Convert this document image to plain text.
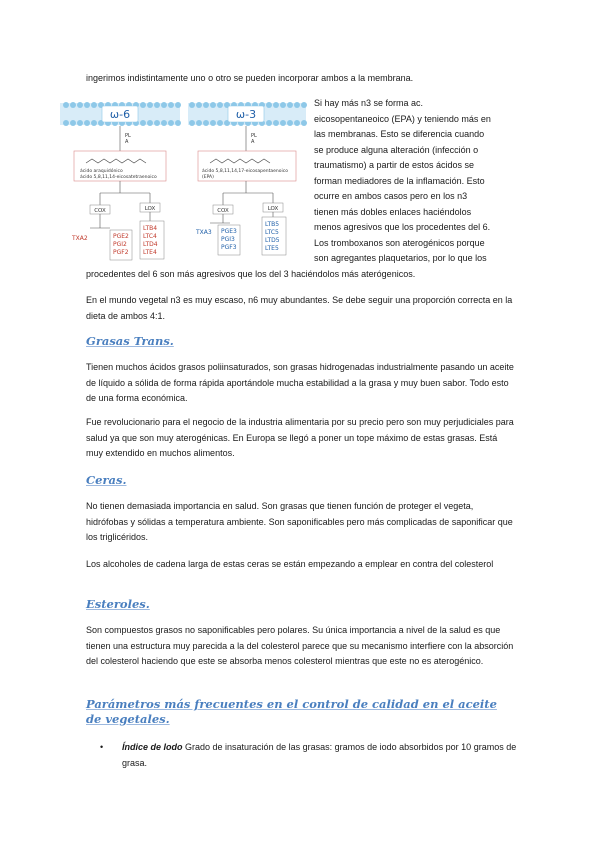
ingerimos indistintamente uno o otro se pueden incorporar ambos a la membrana.

ω-6
PL
A
ácido araquidónico
ácido 5,8,11,14-eicosatetraenoico
COX	LOX
TXA2	PGE2
PGI2
PGF2
LTB4
LTC4
LTD4
LTE4
ω-3
PL
A
ácido 5,8,11,14,17-eicosapentaenoico
(EPA)
COX	LOX
TXA3 PGE3
PGI3
PGF3
LTB5
LTC5
LTD5
LTE5
Si hay más n3 se forma ac.
eicosopentaneoico (EPA) y teniendo más en
las membranas. Esto se diferencia cuando
se produce alguna alteración (infección o
traumatismo) a partir de estos ácidos se
forman mediadores de la inflamación. Esto
ocurre en ambos casos pero en los n3
tienen más dobles enlaces haciéndolos
menos agresivos que los procedentes del 6.
Los tromboxanos son aterogénicos porque
son agregantes plaquetarios, por lo que los

procedentes del 6 son más agresivos que los del 3 haciéndolos más aterógenicos.

En el mundo vegetal n3 es muy escaso, n6 muy abundantes. Se debe seguir una proporción correcta en la dieta de ambos 4:1.

Grasas Trans.

Tienen muchos ácidos grasos poliinsaturados, son grasas hidrogenadas industrialmente pasando un aceite de líquido a sólida de forma rápida aportándole mucha estabilidad a la grasa y muy buen sabor. Todo esto de una forma económica.

Fue revolucionario para el negocio de la industria alimentaria por su precio pero son muy perjudiciales para salud ya que son muy aterogénicas. En Europa se llegó a poner un tope máximo de estas grasas. Está muy extendido en muchos alimentos.

Ceras.

No tienen demasiada importancia en salud. Son grasas que tienen función de proteger el vegeta, hidrófobas y sólidas a temperatura ambiente. Son saponificables pero más complicadas de saponificar que los triglicéridos.

Los alcoholes de cadena larga de estas ceras se están empezando a emplear en contra del colesterol

Esteroles.

Son compuestos grasos no saponificables pero polares. Su única importancia a nivel de la salud es que tienen una estructura muy parecida a la del colesterol parece que su mecanismo interfiere con la absorción del colesterol haciendo que este se absorba menos colesterol mientras que este no es aterogénico.

Parámetros más frecuentes en el control de calidad en el aceite de vegetales.
•	Índice de Iodo Grado de insaturación de las grasas: gramos de iodo absorbidos por 10 gramos de grasa.
